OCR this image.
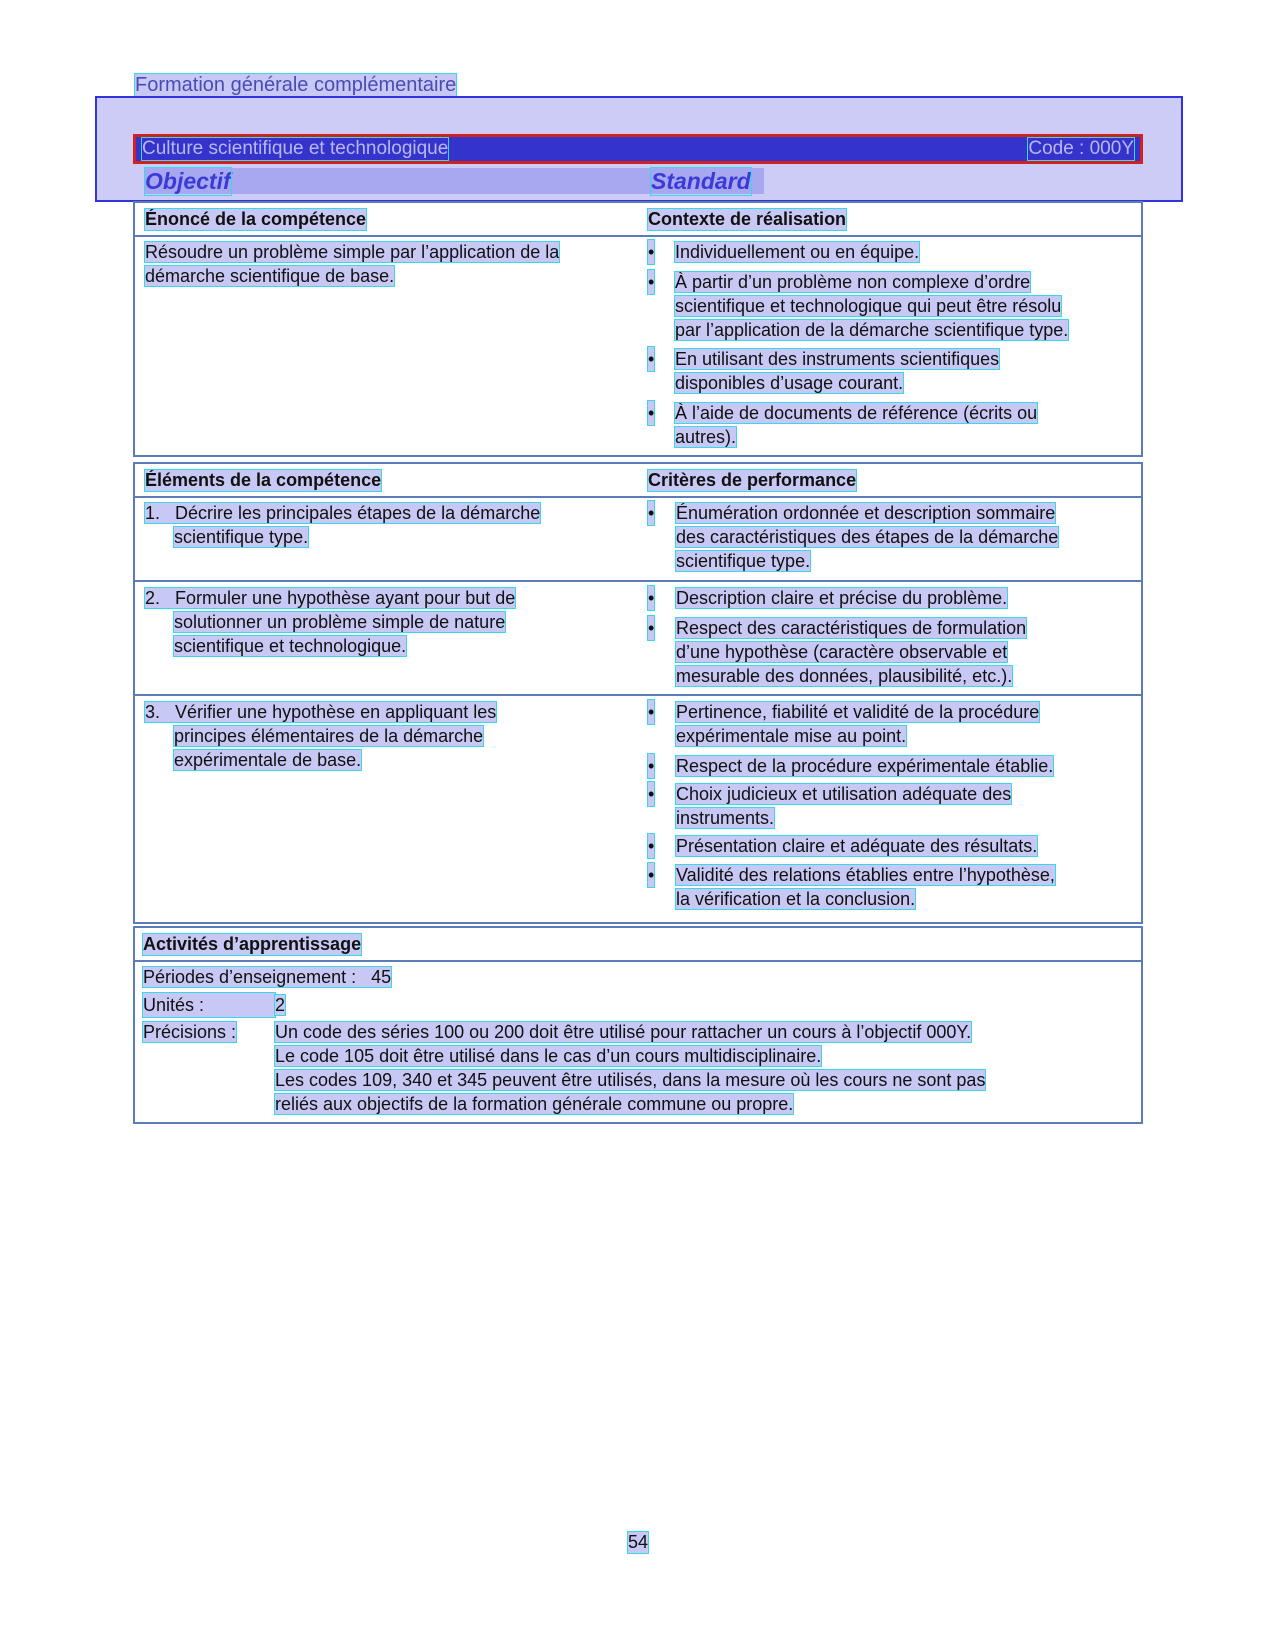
Formation générale complémentaire
Culture scientifique et technologique	Code : 000Y
Objectif	Standard
Énoncé de la compétence	Contexte de réalisation
Résoudre un problème simple par l’application de la
démarche scientifique de base.
• Individuellement ou en équipe.
• À partir d’un problème non complexe d’ordre
scientifique et technologique qui peut être résolu
par l’application de la démarche scientifique type.
• En utilisant des instruments scientifiques
disponibles d’usage courant.
• À l’aide de documents de référence (écrits ou
autres).
Éléments de la compétence	Critères de performance
1. Décrire les principales étapes de la démarche
scientifique type.
• Énumération ordonnée et description sommaire
des caractéristiques des étapes de la démarche
scientifique type.
2. Formuler une hypothèse ayant pour but de
solutionner un problème simple de nature
scientifique et technologique.
• Description claire et précise du problème.
• Respect des caractéristiques de formulation
d’une hypothèse (caractère observable et
mesurable des données, plausibilité, etc.).
3. Vérifier une hypothèse en appliquant les
principes élémentaires de la démarche
expérimentale de base.
• Pertinence, fiabilité et validité de la procédure
expérimentale mise au point.
• Respect de la procédure expérimentale établie.
• Choix judicieux et utilisation adéquate des
instruments.
• Présentation claire et adéquate des résultats.
• Validité des relations établies entre l’hypothèse,
la vérification et la conclusion.
Activités d’apprentissage
Périodes d’enseignement : 45
Unités :	2
Précisions : Un code des séries 100 ou 200 doit être utilisé pour rattacher un cours à l’objectif 000Y.
Le code 105 doit être utilisé dans le cas d’un cours multidisciplinaire.
Les codes 109, 340 et 345 peuvent être utilisés, dans la mesure où les cours ne sont pas
reliés aux objectifs de la formation générale commune ou propre.
54
